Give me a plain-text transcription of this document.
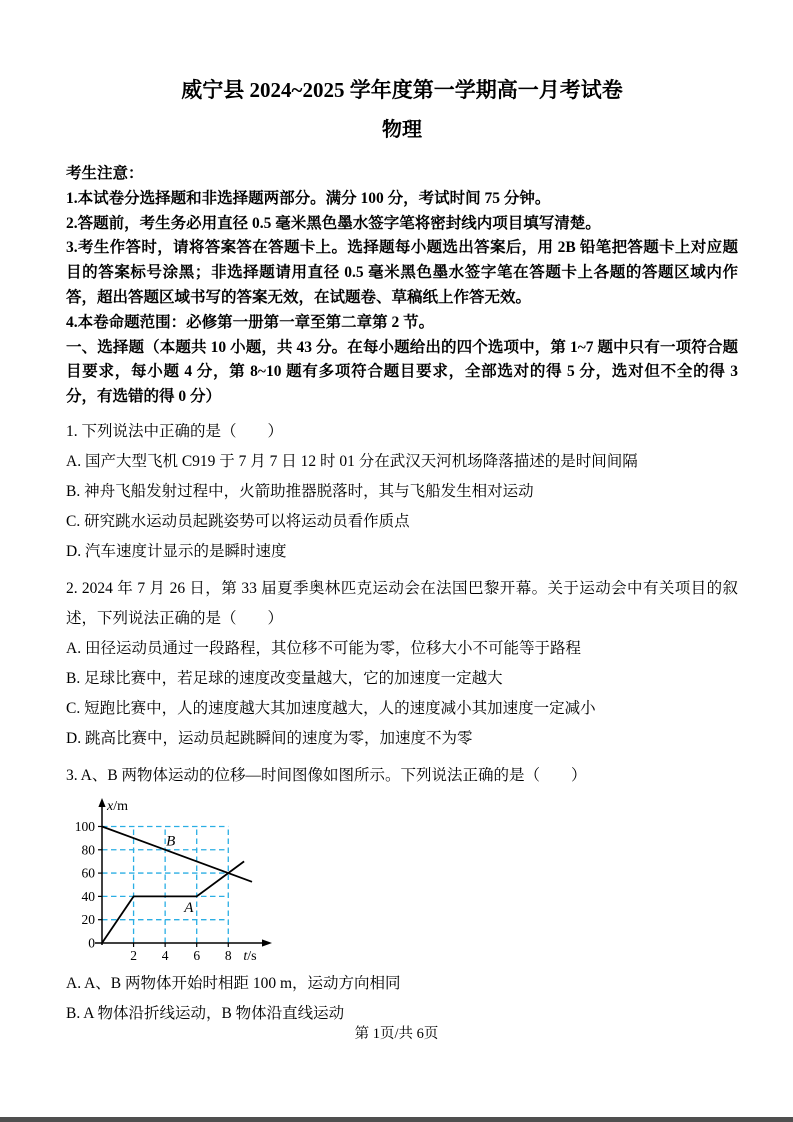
威宁县 2024~2025 学年度第一学期高一月考试卷

物理

考生注意：

1.本试卷分选择题和非选择题两部分。满分 100 分，考试时间 75 分钟。

2.答题前，考生务必用直径 0.5 毫米黑色墨水签字笔将密封线内项目填写清楚。

3.考生作答时，请将答案答在答题卡上。选择题每小题选出答案后，用 2B 铅笔把答题卡上对应题目的答案标号涂黑；非选择题请用直径 0.5 毫米黑色墨水签字笔在答题卡上各题的答题区域内作答，超出答题区域书写的答案无效，在试题卷、草稿纸上作答无效。

4.本卷命题范围：必修第一册第一章至第二章第 2 节。

一、选择题（本题共 10 小题，共 43 分。在每小题给出的四个选项中，第 1~7 题中只有一项符合题目要求，每小题 4 分，第 8~10 题有多项符合题目要求，全部选对的得 5 分，选对但不全的得 3 分，有选错的得 0 分）

1. 下列说法中正确的是（　　）

A. 国产大型飞机 C919 于 7 月 7 日 12 时 01 分在武汉天河机场降落描述的是时间间隔

B. 神舟飞船发射过程中，火箭助推器脱落时，其与飞船发生相对运动

C. 研究跳水运动员起跳姿势可以将运动员看作质点

D. 汽车速度计显示的是瞬时速度

2. 2024 年 7 月 26 日，第 33 届夏季奥林匹克运动会在法国巴黎开幕。关于运动会中有关项目的叙述，下列说法正确的是（　　）

A. 田径运动员通过一段路程，其位移不可能为零，位移大小不可能等于路程

B. 足球比赛中，若足球的速度改变量越大，它的加速度一定越大

C. 短跑比赛中，人的速度越大其加速度越大，人的速度减小其加速度一定减小

D. 跳高比赛中，运动员起跳瞬间的速度为零，加速度不为零

3. A、B 两物体运动的位移—时间图像如图所示。下列说法正确的是（　　）

0
20
40
60
80
100
2 4 6 8
x/m
t/s
A
B

A. A、B 两物体开始时相距 100 m，运动方向相同

B. A 物体沿折线运动，B 物体沿直线运动

第 1页/共 6页
